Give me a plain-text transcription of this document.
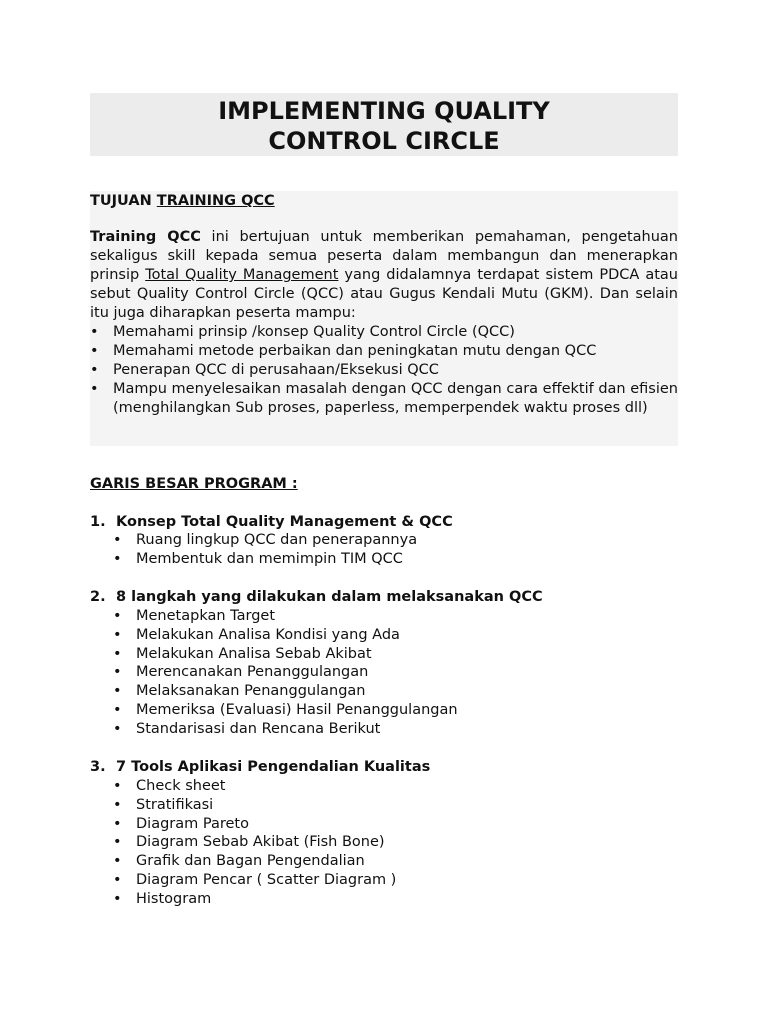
IMPLEMENTING QUALITY
CONTROL CIRCLE
TUJUAN TRAINING QCC
Training QCC ini bertujuan untuk memberikan pemahaman, pengetahuan sekaligus skill kepada semua peserta dalam membangun dan menerapkan prinsip Total Quality Management yang didalamnya terdapat sistem PDCA atau sebut Quality Control Circle (QCC) atau Gugus Kendali Mutu (GKM). Dan selain itu juga diharapkan peserta mampu:
• Memahami prinsip /konsep Quality Control Circle (QCC)
• Memahami metode perbaikan dan peningkatan mutu dengan QCC
• Penerapan QCC di perusahaan/Eksekusi QCC
• Mampu menyelesaikan masalah dengan QCC dengan cara effektif dan efisien
(menghilangkan Sub proses, paperless, memperpendek waktu proses dll)
GARIS BESAR PROGRAM :
1. Konsep Total Quality Management & QCC
• Ruang lingkup QCC dan penerapannya
• Membentuk dan memimpin TIM QCC
2. 8 langkah yang dilakukan dalam melaksanakan QCC
• Menetapkan Target
• Melakukan Analisa Kondisi yang Ada
• Melakukan Analisa Sebab Akibat
• Merencanakan Penanggulangan
• Melaksanakan Penanggulangan
• Memeriksa (Evaluasi) Hasil Penanggulangan
• Standarisasi dan Rencana Berikut
3. 7 Tools Aplikasi Pengendalian Kualitas
• Check sheet
• Stratifikasi
• Diagram Pareto
• Diagram Sebab Akibat (Fish Bone)
• Grafik dan Bagan Pengendalian
• Diagram Pencar ( Scatter Diagram )
• Histogram
